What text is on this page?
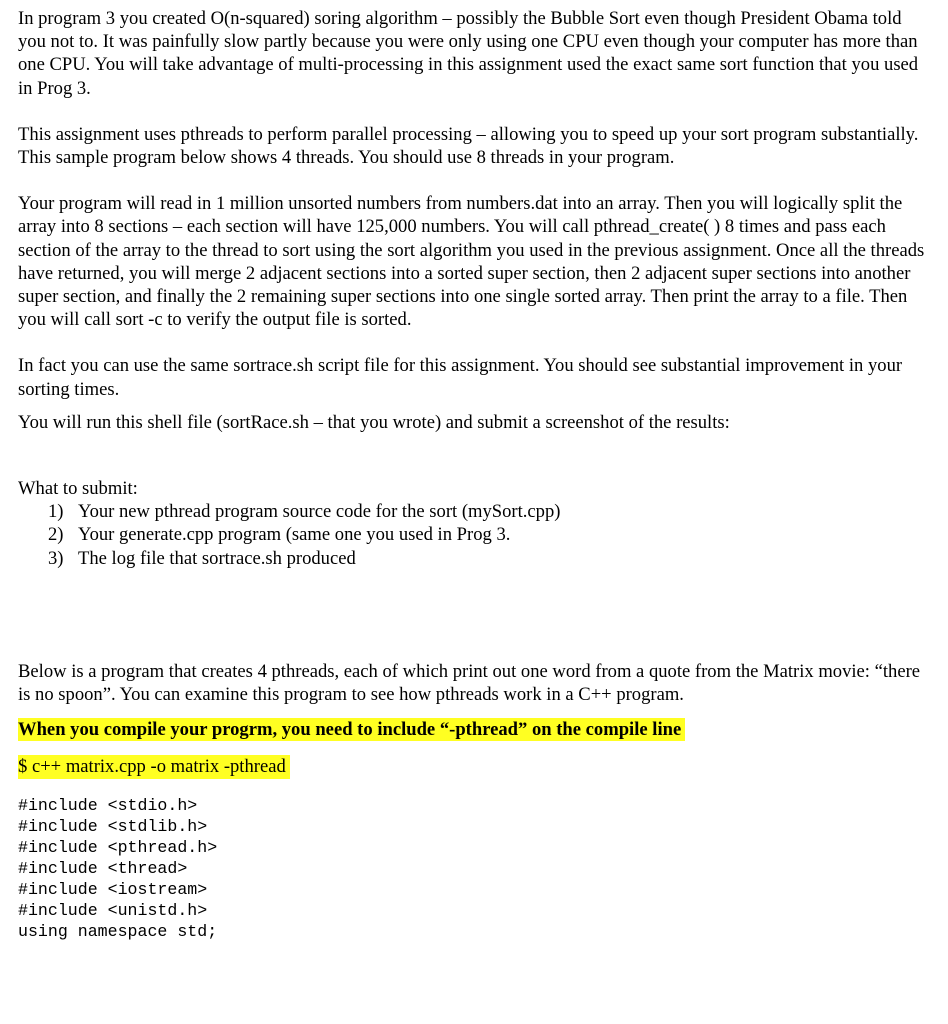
In program 3 you created O(n-squared) soring algorithm – possibly the Bubble Sort even though President Obama told you not to. It was painfully slow partly because you were only using one CPU even though your computer has more than one CPU. You will take advantage of multi-processing in this assignment used the exact same sort function that you used in Prog 3.

This assignment uses pthreads to perform parallel processing – allowing you to speed up your sort program substantially. This sample program below shows 4 threads. You should use 8 threads in your program.

Your program will read in 1 million unsorted numbers from numbers.dat into an array. Then you will logically split the array into 8 sections – each section will have 125,000 numbers. You will call pthread_create( ) 8 times and pass each section of the array to the thread to sort using the sort algorithm you used in the previous assignment. Once all the threads have returned, you will merge 2 adjacent sections into a sorted super section, then 2 adjacent super sections into another super section, and finally the 2 remaining super sections into one single sorted array. Then print the array to a file. Then you will call sort -c to verify the output file is sorted.

In fact you can use the same sortrace.sh script file for this assignment. You should see substantial improvement in your sorting times.

You will run this shell file (sortRace.sh – that you wrote) and submit a screenshot of the results:

What to submit:

1) Your new pthread program source code for the sort (mySort.cpp)
2) Your generate.cpp program (same one you used in Prog 3.
3) The log file that sortrace.sh produced

Below is a program that creates 4 pthreads, each of which print out one word from a quote from the Matrix movie: “there is no spoon”. You can examine this program to see how pthreads work in a C++ program.

When you compile your progrm, you need to include “-pthread” on the compile line
$ c++ matrix.cpp -o matrix -pthread
#include <stdio.h>
#include <stdlib.h>
#include <pthread.h>
#include <thread>
#include <iostream>
#include <unistd.h>
using namespace std;
